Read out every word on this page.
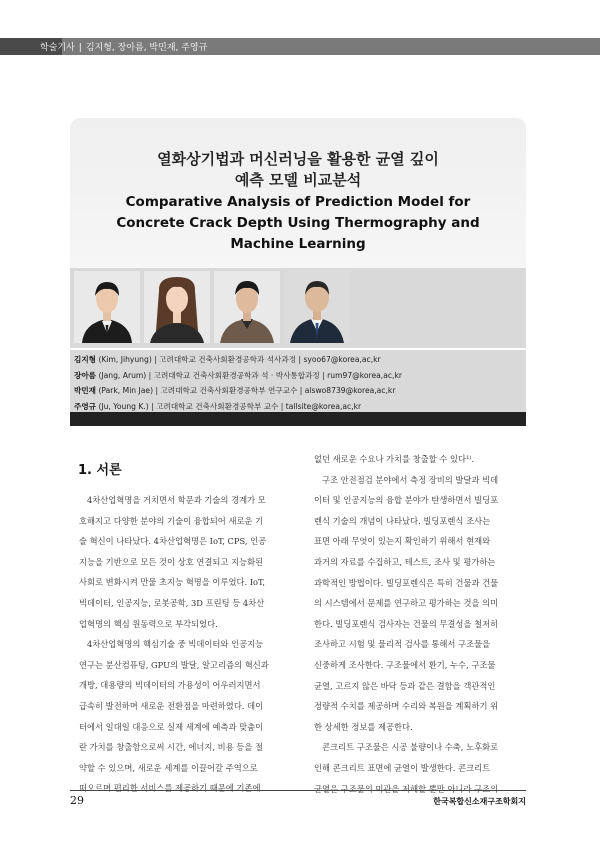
학술기사 | 김지형, 장아름, 박민재, 주영규
열화상기법과 머신러닝을 활용한 균열 깊이
예측 모델 비교분석
Comparative Analysis of Prediction Model for
Concrete Crack Depth Using Thermography and
Machine Learning
김지형 (Kim, Jihyung) | 고려대학교 건축사회환경공학과 석사과정 | syoo67@korea,ac,kr
장아름 (Jang, Arum) | 고려대학교 건축사회환경공학과 석 · 박사통합과정 | rum97@korea,ac,kr
박민재 (Park, Min Jae) | 고려대학교 건축사회환경공학부 연구교수 | alswo8739@korea,ac,kr
주영규 (Ju, Young K.) | 고려대학교 건축사회환경공학부 교수 | tallsite@korea,ac,kr
1. 서론

4차산업혁명을 거치면서 학문과 기술의 경계가 모

호해지고 다양한 분야의 기술이 융합되어 새로운 기

술 혁신이 나타났다. 4차산업혁명은 IoT, CPS, 인공

지능을 기반으로 모든 것이 상호 연결되고 지능화된

사회로 변화시켜 만물 초지능 혁명을 이루었다. IoT,

빅데이터, 인공지능, 로봇공학, 3D 프린팅 등 4차산

업혁명의 핵심 원동력으로 부각되었다.

4차산업혁명의 핵심기술 중 빅데이터와 인공지능

연구는 분산컴퓨팅, GPU의 발달, 알고리즘의 혁신과

개방, 대용량의 빅데이터의 가용성이 어우러지면서

급속히 발전하며 새로운 전환점을 마련하였다. 데이

터에서 일대일 대응으로 실제 세계에 예측과 맞춤이

란 가치를 창출함으로써 시간, 에너지, 비용 등을 절

약할 수 있으며, 새로운 세계를 이끌어갈 주역으로

떠오르며 편리한 서비스를 제공하기 때문에 기존에

없던 새로운 수요나 가치를 창출할 수 있다¹⁾.

구조 안전점검 분야에서 측정 장비의 발달과 빅데

이터 및 인공지능의 융합 분야가 탄생하면서 빌딩포

렌식 기술의 개념이 나타났다. 빌딩포렌식 조사는

표면 아래 무엇이 있는지 확인하기 위해서 현재와

과거의 자료를 수집하고, 테스트, 조사 및 평가하는

과학적인 방법이다. 빌딩포렌식은 특히 건물과 건물

의 시스템에서 문제를 연구하고 평가하는 것을 의미

한다. 빌딩포렌식 검사자는 건물의 무결성을 철저히

조사하고 시험 및 물리적 검사를 통해서 구조물을

신중하게 조사한다. 구조물에서 환기, 누수, 구조물

균열, 고르지 않은 바닥 등과 같은 결함을 객관적인

정량적 수치를 제공하며 수리와 복원을 계획하기 위

한 상세한 정보를 제공한다.

콘크리트 구조물은 시공 불량이나 수축, 노후화로

인해 콘크리트 표면에 균열이 발생한다. 콘크리트

균열은 구조물의 미관을 저해할 뿐만 아니라 구조의

29	한국복합신소재구조학회지
